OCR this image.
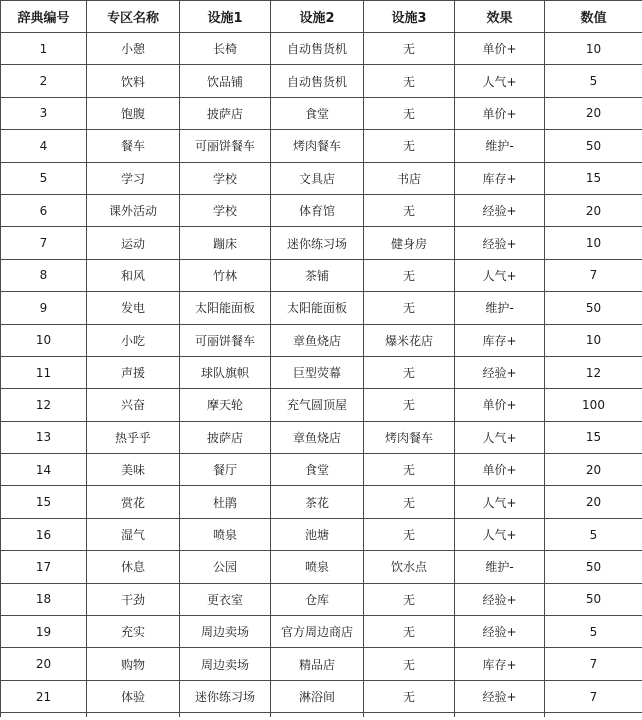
辞典编号	专区名称	设施1	设施2	设施3	效果	数值
1	小憩	长椅	自动售货机	无	单价+	10
2	饮料	饮品铺	自动售货机	无	人气+	5
3	饱腹	披萨店	食堂	无	单价+	20
4	餐车	可丽饼餐车	烤肉餐车	无	维护-	50
5	学习	学校	文具店	书店	库存+	15
6	课外活动	学校	体育馆	无	经验+	20
7	运动	蹦床	迷你练习场	健身房	经验+	10
8	和风	竹林	茶铺	无	人气+	7
9	发电	太阳能面板	太阳能面板	无	维护-	50
10	小吃	可丽饼餐车	章鱼烧店	爆米花店	库存+	10
11	声援	球队旗帜	巨型荧幕	无	经验+	12
12	兴奋	摩天轮	充气圆顶屋	无	单价+	100
13	热乎乎	披萨店	章鱼烧店	烤肉餐车	人气+	15
14	美味	餐厅	食堂	无	单价+	20
15	赏花	杜鹃	茶花	无	人气+	20
16	湿气	喷泉	池塘	无	人气+	5
17	休息	公园	喷泉	饮水点	维护-	50
18	干劲	更衣室	仓库	无	经验+	50
19	充实	周边卖场	官方周边商店	无	经验+	5
20	购物	周边卖场	精品店	无	库存+	7
21	体验	迷你练习场	淋浴间	无	经验+	7
